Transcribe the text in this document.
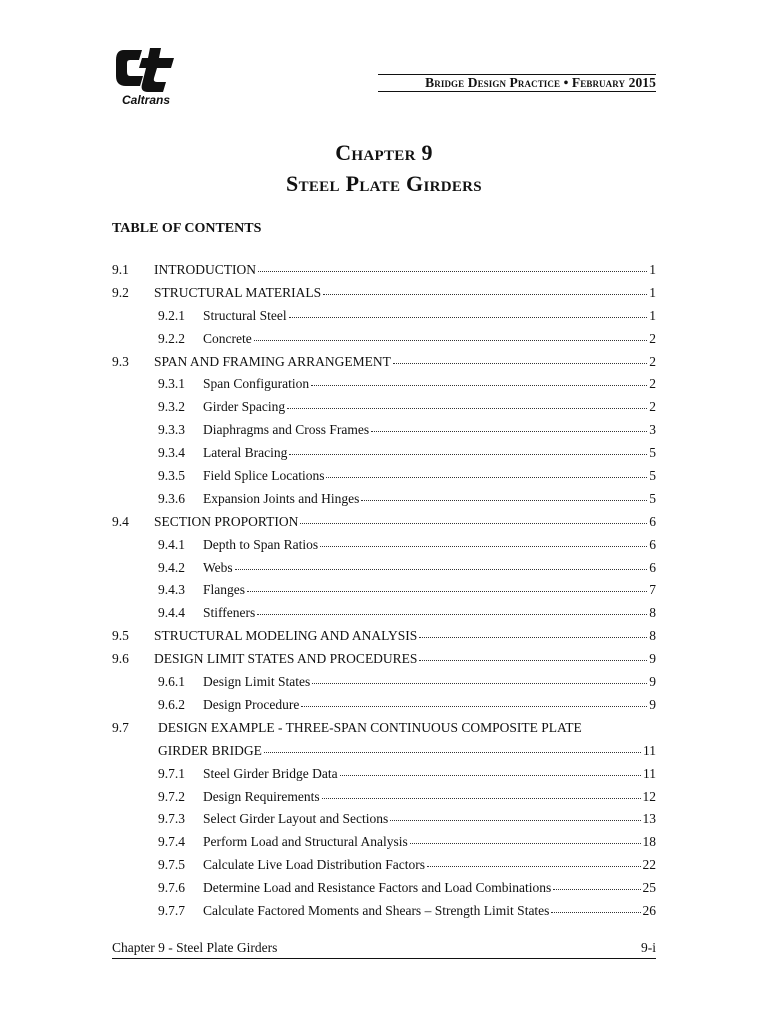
Caltrans
Bridge Design Practice • February 2015
Chapter 9
Steel Plate Girders
TABLE OF CONTENTS
9.1 INTRODUCTION	1
9.2 STRUCTURAL MATERIALS	1
9.2.1 Structural Steel	1
9.2.2 Concrete	2
9.3 SPAN AND FRAMING ARRANGEMENT	2
9.3.1 Span Configuration	2
9.3.2 Girder Spacing	2
9.3.3 Diaphragms and Cross Frames	3
9.3.4 Lateral Bracing	5
9.3.5 Field Splice Locations	5
9.3.6 Expansion Joints and Hinges	5
9.4 SECTION PROPORTION	6
9.4.1 Depth to Span Ratios	6
9.4.2 Webs	6
9.4.3 Flanges	7
9.4.4 Stiffeners	8
9.5 STRUCTURAL MODELING AND ANALYSIS	8
9.6 DESIGN LIMIT STATES AND PROCEDURES	9
9.6.1 Design Limit States	9
9.6.2 Design Procedure	9
9.7 DESIGN EXAMPLE - THREE-SPAN CONTINUOUS COMPOSITE PLATE
GIRDER BRIDGE	11
9.7.1 Steel Girder Bridge Data	11
9.7.2 Design Requirements	12
9.7.3 Select Girder Layout and Sections	13
9.7.4 Perform Load and Structural Analysis	18
9.7.5 Calculate Live Load Distribution Factors	22
9.7.6 Determine Load and Resistance Factors and Load Combinations	25
9.7.7 Calculate Factored Moments and Shears – Strength Limit States	26
Chapter 9 - Steel Plate Girders	9-i
